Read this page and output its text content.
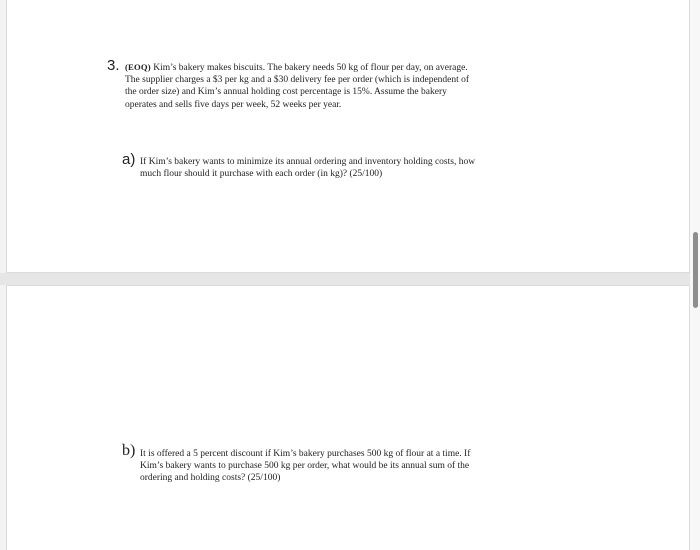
3. (EOQ) Kim’s bakery makes biscuits. The bakery needs 50 kg of flour per day, on average.
The supplier charges a $3 per kg and a $30 delivery fee per order (which is independent of
the order size) and Kim’s annual holding cost percentage is 15%. Assume the bakery
operates and sells five days per week, 52 weeks per year.
a) If Kim’s bakery wants to minimize its annual ordering and inventory holding costs, how
much flour should it purchase with each order (in kg)? (25/100)
b) It is offered a 5 percent discount if Kim’s bakery purchases 500 kg of flour at a time. If
Kim’s bakery wants to purchase 500 kg per order, what would be its annual sum of the
ordering and holding costs? (25/100)
